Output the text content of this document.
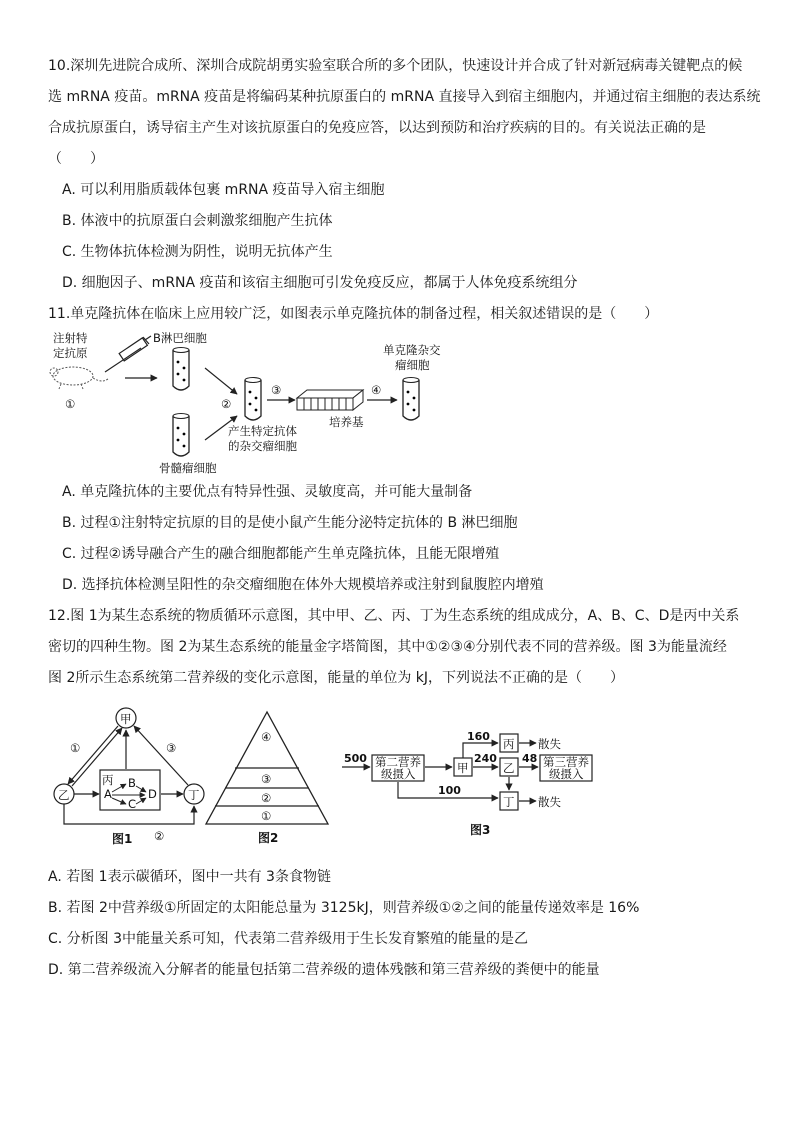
10.深圳先进院合成所、深圳合成院胡勇实验室联合所的多个团队，快速设计并合成了针对新冠病毒关键靶点的候
选 mRNA 疫苗。mRNA 疫苗是将编码某种抗原蛋白的 mRNA 直接导入到宿主细胞内，并通过宿主细胞的表达系统
合成抗原蛋白，诱导宿主产生对该抗原蛋白的免疫应答，以达到预防和治疗疾病的目的。有关说法正确的是
（　　）
A. 可以利用脂质载体包裹 mRNA 疫苗导入宿主细胞
B. 体液中的抗原蛋白会刺激浆细胞产生抗体
C. 生物体抗体检测为阴性，说明无抗体产生
D. 细胞因子、mRNA 疫苗和该宿主细胞可引发免疫反应，都属于人体免疫系统组分
11.单克隆抗体在临床上应用较广泛，如图表示单克隆抗体的制备过程，相关叙述错误的是（　　）
注射特
定抗原
①
B淋巴细胞
骨髓瘤细胞
②
产生特定抗体
的杂交瘤细胞
③
培养基
④
单克隆杂交
瘤细胞
A. 单克隆抗体的主要优点有特异性强、灵敏度高，并可能大量制备
B. 过程①注射特定抗原的目的是使小鼠产生能分泌特定抗体的 B 淋巴细胞
C. 过程②诱导融合产生的融合细胞都能产生单克隆抗体，且能无限增殖
D. 选择抗体检测呈阳性的杂交瘤细胞在体外大规模培养或注射到鼠腹腔内增殖
12.图 1为某生态系统的物质循环示意图，其中甲、乙、丙、丁为生态系统的组成成分，A、B、C、D是丙中关系
密切的四种生物。图 2为某生态系统的能量金字塔简图，其中①②③④分别代表不同的营养级。图 3为能量流经
图 2所示生态系统第二营养级的变化示意图，能量的单位为 kJ，下列说法不正确的是（　　）
甲
乙	丁
①	③
丙
A
B
C
D
②
图1
④
③
②
①
图2
500 第二营养
级摄入	甲
160
丙 散失
240
乙
48 第三营养
级摄入
100
丁 散失
图3
A. 若图 1表示碳循环，图中一共有 3条食物链
B. 若图 2中营养级①所固定的太阳能总量为 3125kJ，则营养级①②之间的能量传递效率是 16%
C. 分析图 3中能量关系可知，代表第二营养级用于生长发育繁殖的能量的是乙
D. 第二营养级流入分解者的能量包括第二营养级的遗体残骸和第三营养级的粪便中的能量
